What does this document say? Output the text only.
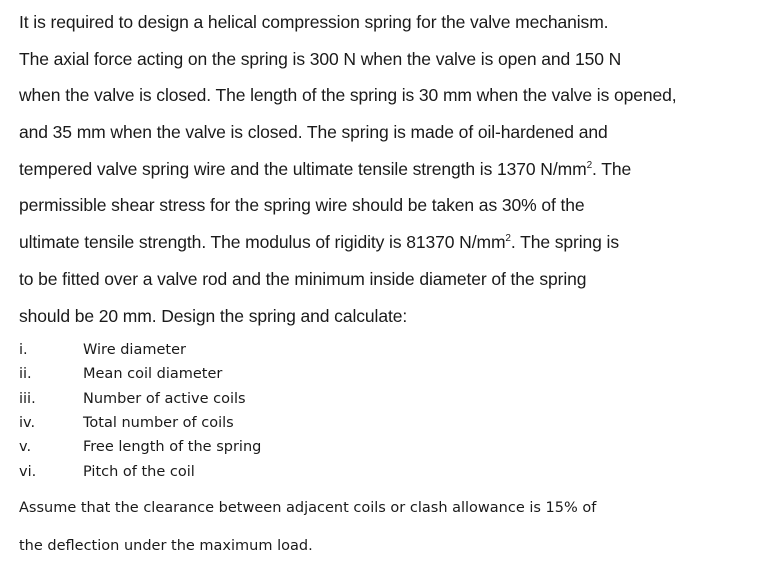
It is required to design a helical compression spring for the valve mechanism.
The axial force acting on the spring is 300 N when the valve is open and 150 N
when the valve is closed. The length of the spring is 30 mm when the valve is opened,
and 35 mm when the valve is closed. The spring is made of oil-hardened and
tempered valve spring wire and the ultimate tensile strength is 1370 $N/mm^2$. The
permissible shear stress for the spring wire should be taken as 30% of the
ultimate tensile strength. The modulus of rigidity is 81370 $N/mm^2$. The spring is
to be fitted over a valve rod and the minimum inside diameter of the spring
should be 20 mm. Design the spring and calculate:
i.	Wire diameter
ii.	Mean coil diameter
iii.	Number of active coils
iv.	Total number of coils
v.	Free length of the spring
vi.	Pitch of the coil
Assume that the clearance between adjacent coils or clash allowance is 15% of
the deflection under the maximum load.
